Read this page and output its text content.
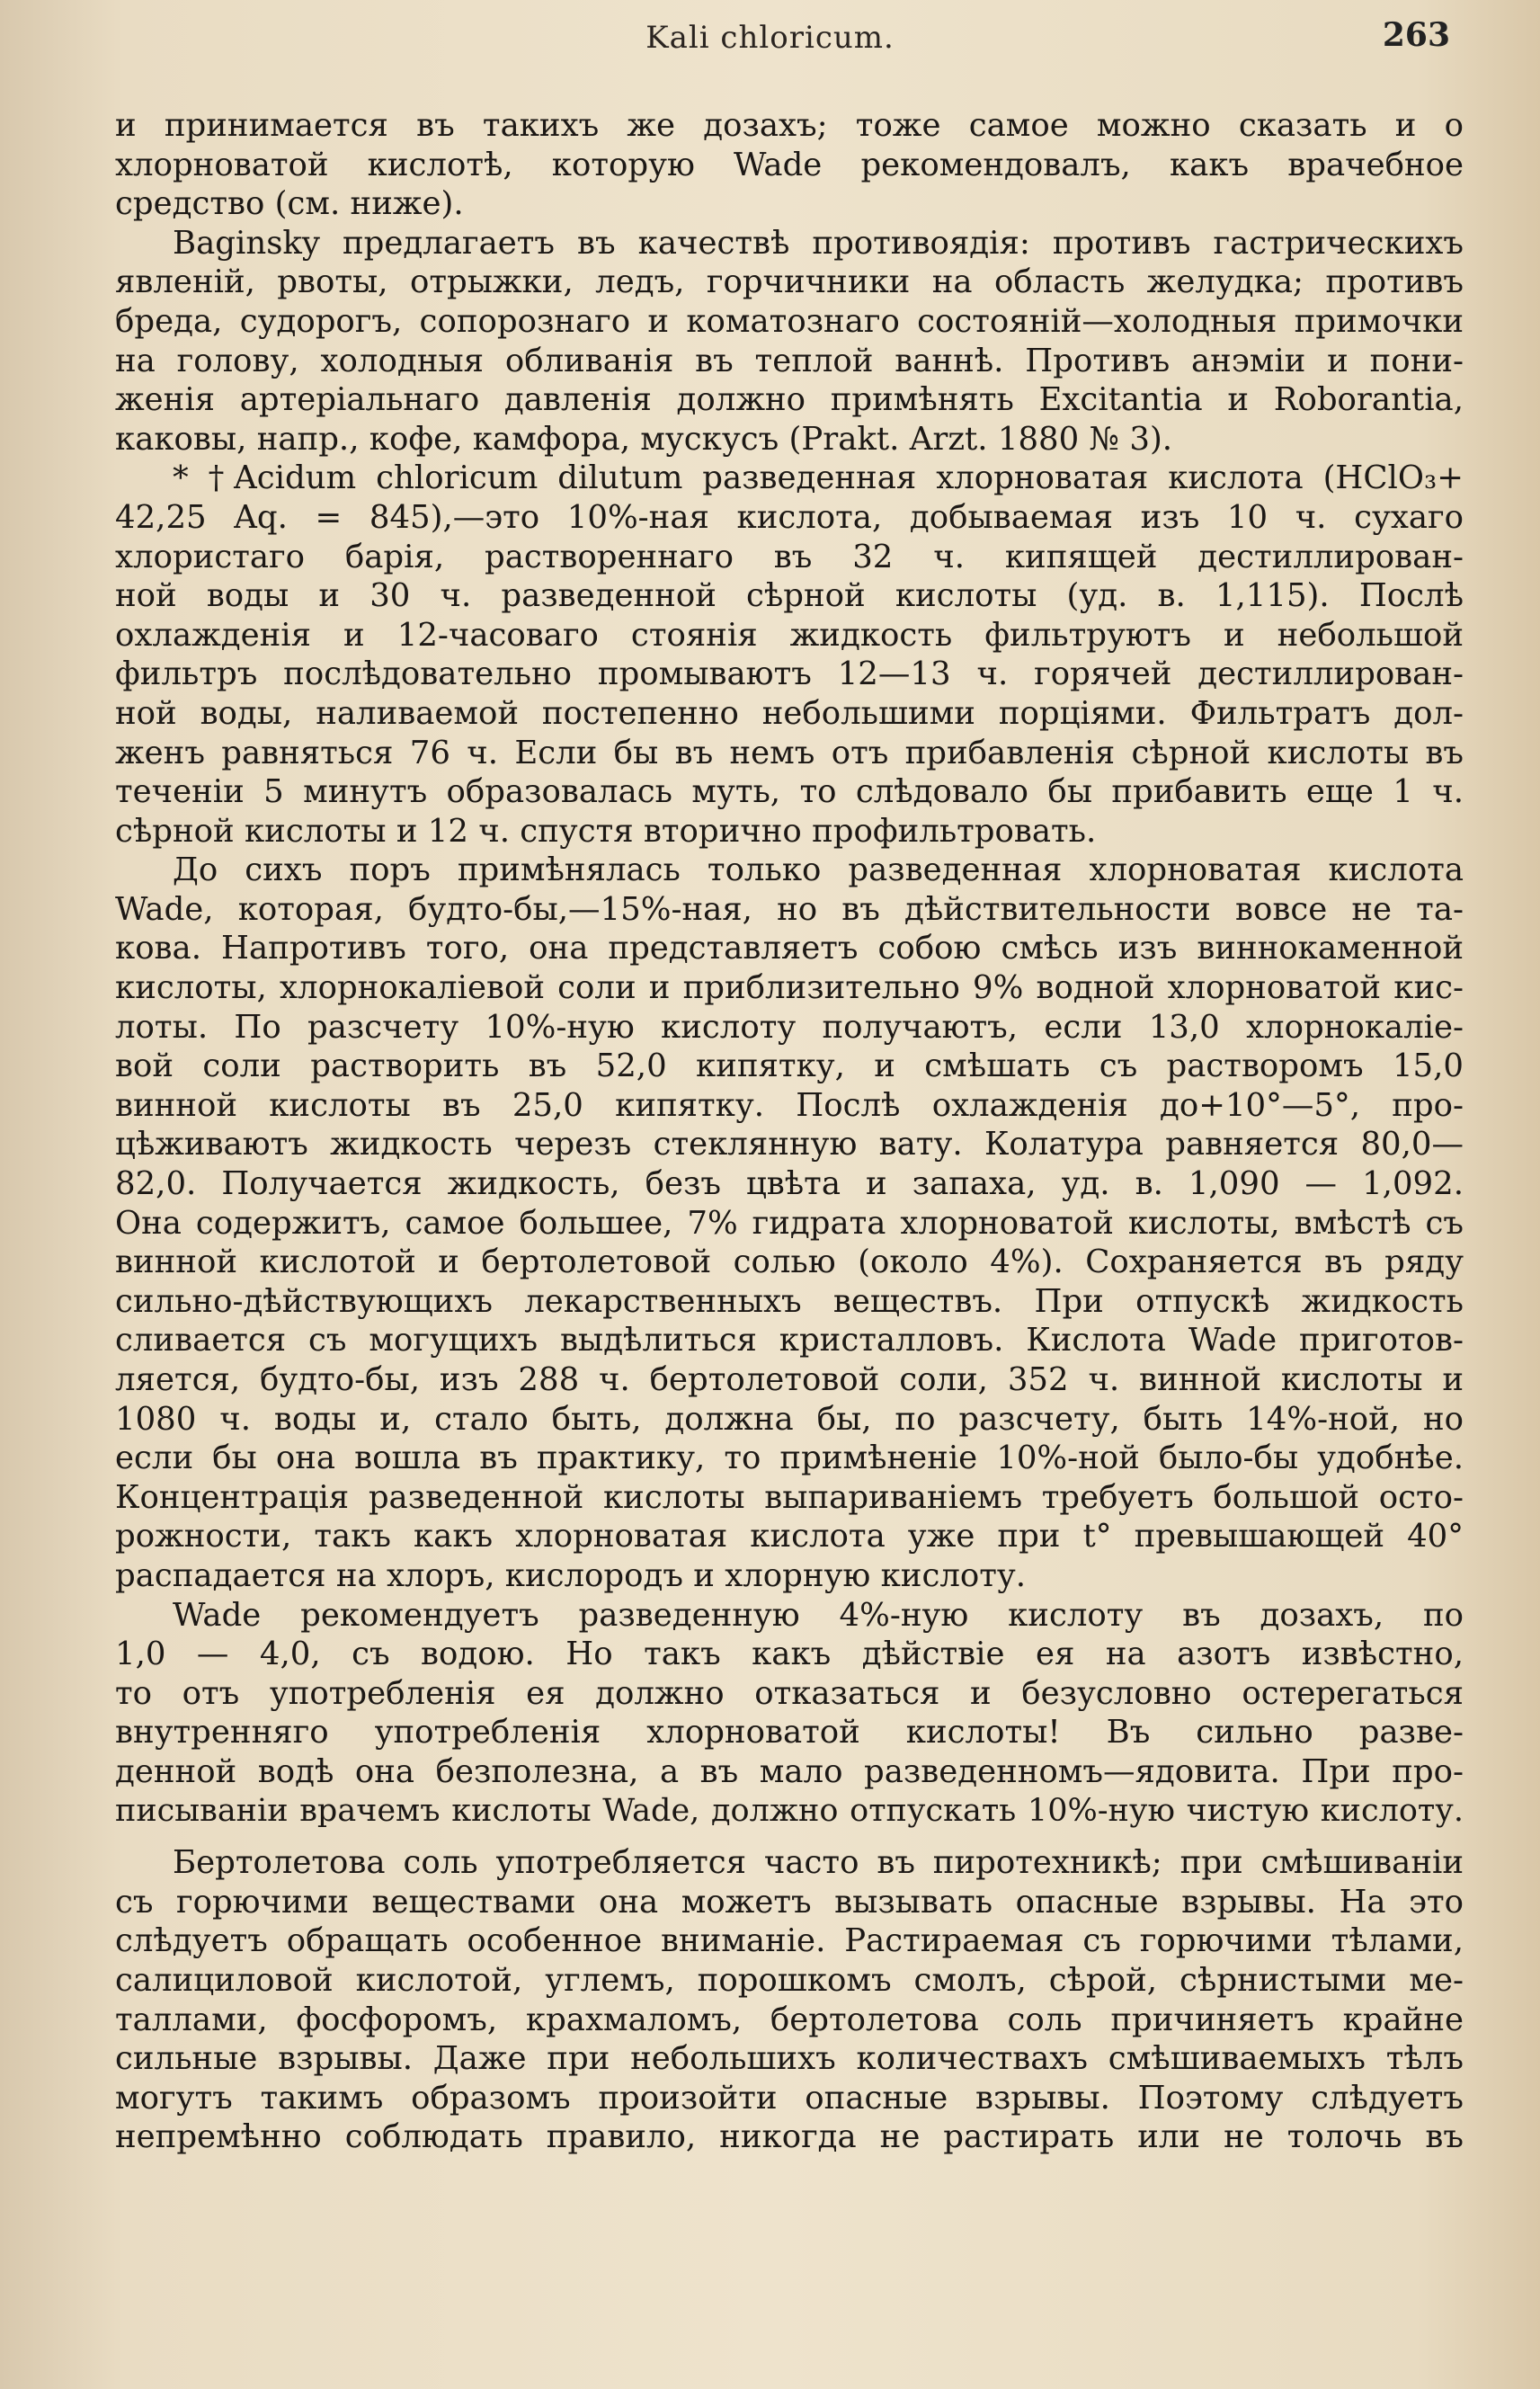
Kali chloricum.	263
и принимается въ такихъ же дозахъ; тоже самое можно сказать и о
хлорноватой кислотѣ, которую Wade рекомендовалъ, какъ врачебное
средство (см. ниже).
Baginsky предлагаетъ въ качествѣ противоядія: противъ гастрическихъ
явленій, рвоты, отрыжки, ледъ, горчичники на область желудка; противъ
бреда, судорогъ, сопорознаго и коматознаго состояній—холодныя примочки
на голову, холодныя обливанія въ теплой ваннѣ. Противъ анэміи и пони-
женія артеріальнаго давленія должно примѣнять Excitantia и Roborantia,
каковы, напр., кофе, камфора, мускусъ (Prakt. Arzt. 1880 № 3).
* †Acidum chloricum dilutum разведенная хлорноватая кислота (HClO₃+
42,25 Aq. = 845),—это 10%-ная кислота, добываемая изъ 10 ч. сухаго
хлористаго барія, раствореннаго въ 32 ч. кипящей дестиллирован-
ной воды и 30 ч. разведенной сѣрной кислоты (уд. в. 1,115). Послѣ
охлажденія и 12-часоваго стоянія жидкость фильтруютъ и небольшой
фильтръ послѣдовательно промываютъ 12—13 ч. горячей дестиллирован-
ной воды, наливаемой постепенно небольшими порціями. Фильтратъ дол-
женъ равняться 76 ч. Если бы въ немъ отъ прибавленія сѣрной кислоты въ
теченіи 5 минутъ образовалась муть, то слѣдовало бы прибавить еще 1 ч.
сѣрной кислоты и 12 ч. спустя вторично профильтровать.
До сихъ поръ примѣнялась только разведенная хлорноватая кислота
Wade, которая, будто-бы,—15%-ная, но въ дѣйствительности вовсе не та-
кова. Напротивъ того, она представляетъ собою смѣсь изъ виннокаменной
кислоты, хлорнокаліевой соли и приблизительно 9% водной хлорноватой кис-
лоты. По разсчету 10%-ную кислоту получаютъ, если 13,0 хлорнокаліе-
вой соли растворить въ 52,0 кипятку, и смѣшать съ растворомъ 15,0
винной кислоты въ 25,0 кипятку. Послѣ охлажденія до+10°—5°, про-
цѣживаютъ жидкость черезъ стеклянную вату. Колатура равняется 80,0—
82,0. Получается жидкость, безъ цвѣта и запаха, уд. в. 1,090 — 1,092.
Она содержитъ, самое большее, 7% гидрата хлорноватой кислоты, вмѣстѣ съ
винной кислотой и бертолетовой солью (около 4%). Сохраняется въ ряду
сильно-дѣйствующихъ лекарственныхъ веществъ. При отпускѣ жидкость
сливается съ могущихъ выдѣлиться кристалловъ. Кислота Wade приготов-
ляется, будто-бы, изъ 288 ч. бертолетовой соли, 352 ч. винной кислоты и
1080 ч. воды и, стало быть, должна бы, по разсчету, быть 14%-ной, но
если бы она вошла въ практику, то примѣненіе 10%-ной было-бы удобнѣе.
Концентрація разведенной кислоты выпариваніемъ требуетъ большой осто-
рожности, такъ какъ хлорноватая кислота уже при t° превышающей 40°
распадается на хлоръ, кислородъ и хлорную кислоту.
Wade рекомендуетъ разведенную 4%-ную кислоту въ дозахъ, по
1,0 — 4,0, съ водою. Но такъ какъ дѣйствіе ея на азотъ извѣстно,
то отъ употребленія ея должно отказаться и безусловно остерегаться
внутренняго употребленія хлорноватой кислоты! Въ сильно разве-
денной водѣ она безполезна, а въ мало разведенномъ—ядовита. При про-
писываніи врачемъ кислоты Wade, должно отпускать 10%-ную чистую кислоту.
Бертолетова соль употребляется часто въ пиротехникѣ; при смѣшиваніи
съ горючими веществами она можетъ вызывать опасные взрывы. На это
слѣдуетъ обращать особенное вниманіе. Растираемая съ горючими тѣлами,
салициловой кислотой, углемъ, порошкомъ смолъ, сѣрой, сѣрнистыми ме-
таллами, фосфоромъ, крахмаломъ, бертолетова соль причиняетъ крайне
сильные взрывы. Даже при небольшихъ количествахъ смѣшиваемыхъ тѣлъ
могутъ такимъ образомъ произойти опасные взрывы. Поэтому слѣдуетъ
непремѣнно соблюдать правило, никогда не растирать или не толочь въ
